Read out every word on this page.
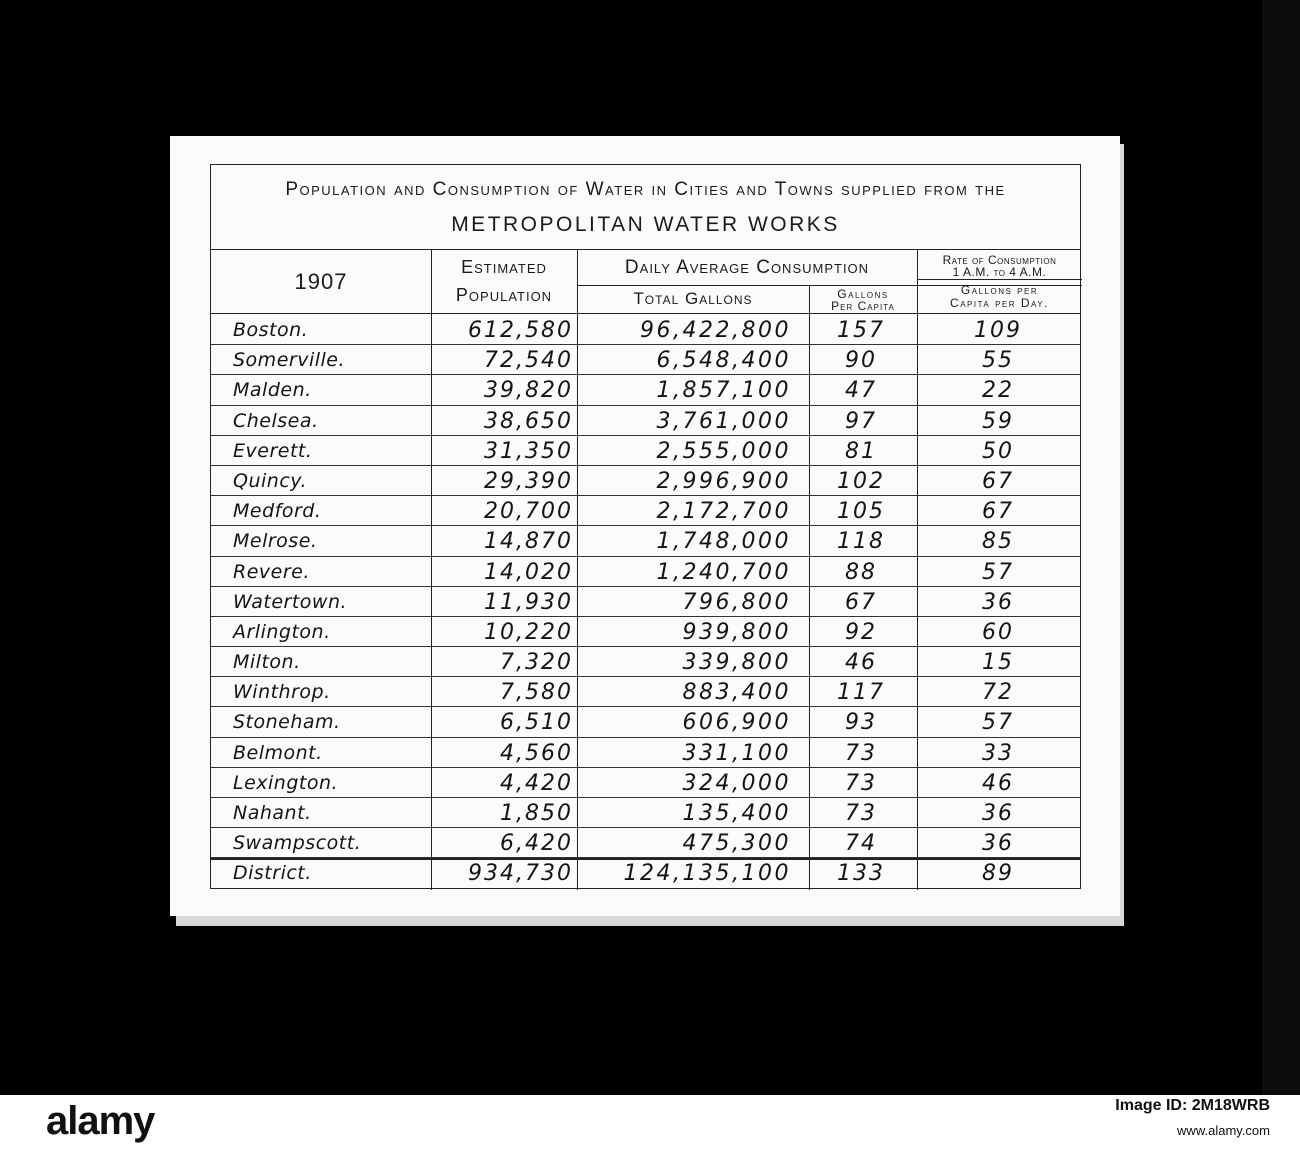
Population and Consumption of Water in Cities and Towns supplied from the
METROPOLITAN WATER WORKS
1907
Estimated
Population
Daily Average Consumption
Total Gallons	Gallons
Per Capita
Rate of Consumption
1 A.M. to 4 A.M.
Gallons per
Capita per Day.
Boston.	612,580	96,422,800	157	109
Somerville.	72,540	6,548,400	90	55
Malden.	39,820	1,857,100	47	22
Chelsea.	38,650	3,761,000	97	59
Everett.	31,350	2,555,000	81	50
Quincy.	29,390	2,996,900	102	67
Medford.	20,700	2,172,700	105	67
Melrose.	14,870	1,748,000	118	85
Revere.	14,020	1,240,700	88	57
Watertown.	11,930	796,800	67	36
Arlington.	10,220	939,800	92	60
Milton.	7,320	339,800	46	15
Winthrop.	7,580	883,400	117	72
Stoneham.	6,510	606,900	93	57
Belmont.	4,560	331,100	73	33
Lexington.	4,420	324,000	73	46
Nahant.	1,850	135,400	73	36
Swampscott.	6,420	475,300	74	36
District.	934,730	124,135,100	133	89
alamy	Image ID: 2M18WRB
www.alamy.com
